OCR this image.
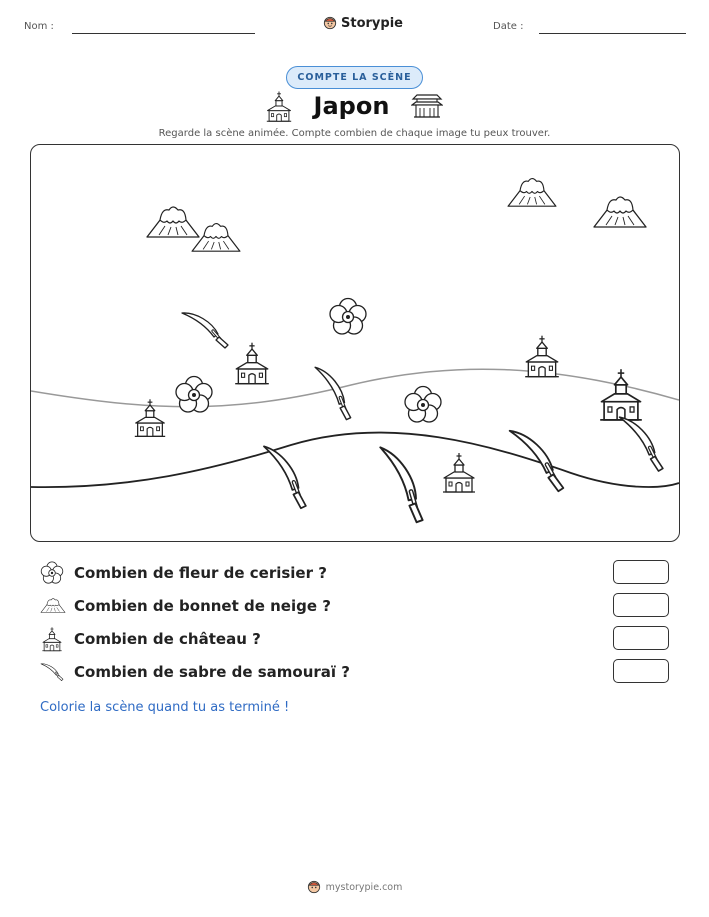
Nom :	Storypie	Date :
COMPTE LA SCÈNE
Japon
Regarde la scène animée. Compte combien de chaque image tu peux trouver.
Combien de fleur de cerisier ?
Combien de bonnet de neige ?
Combien de château ?
Combien de sabre de samouraï ?
Colorie la scène quand tu as terminé !
mystorypie.com
